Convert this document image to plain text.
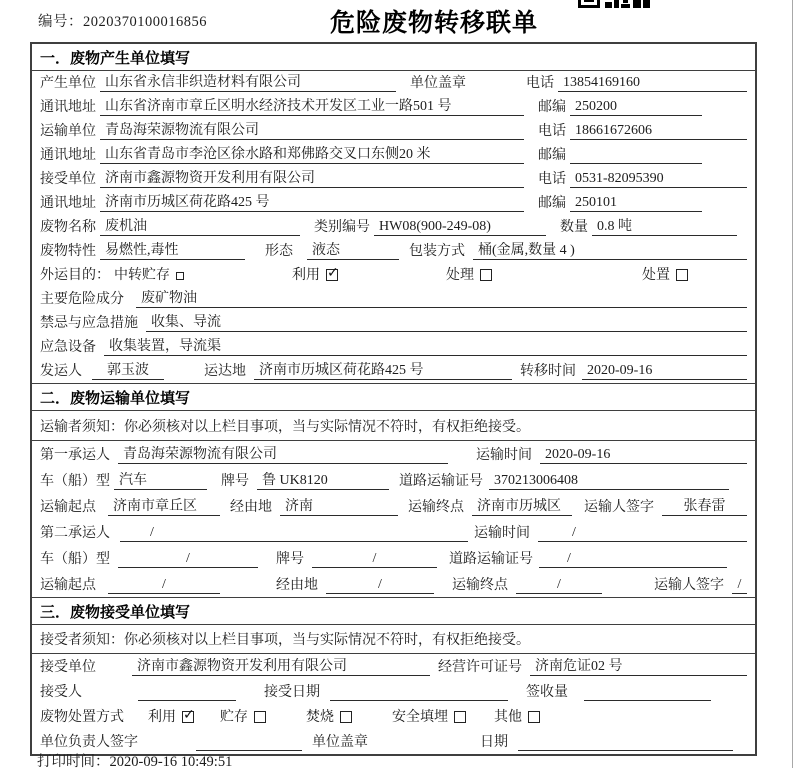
编号：2020370100016856	危险废物转移联单
一．废物产生单位填写
产生单位 山东省永信非织造材料有限公司	单位盖章	电话 13854169160
通讯地址 山东省济南市章丘区明水经济技术开发区工业一路501 号	邮编 250200
运输单位 青岛海荣源物流有限公司	电话 18661672606
通讯地址 山东省青岛市李沧区徐水路和郑佛路交叉口东侧20 米	邮编
接受单位 济南市鑫源物资开发利用有限公司	电话 0531-82095390
通讯地址 济南市历城区荷花路425 号	邮编 250101
废物名称 废机油	类别编号 HW08(900-249-08)	数量 0.8 吨
废物特性 易燃性,毒性	形态	液态	包装方式 桶(金属,数量 4 )
外运目的： 中转贮存	利用 ✓	处理	处置
主要危险成分	废矿物油
禁忌与应急措施 收集、导流
应急设备 收集装置，导流渠
发运人	郭玉波	运达地 济南市历城区荷花路425 号	转移时间 2020-09-16
二．废物运输单位填写
运输者须知：你必须核对以上栏目事项，当与实际情况不符时，有权拒绝接受。
第一承运人 青岛海荣源物流有限公司	运输时间 2020-09-16
车（船）型 汽车	牌号 鲁 UK8120	道路运输证号 370213006408
运输起点	济南市章丘区	经由地 济南	运输终点 济南市历城区	运输人签字	张春雷
第二承运人	/	运输时间	/
车（船）型	/	牌号	/	道路运输证号	/
运输起点	/	经由地	/	运输终点	/	运输人签字 /
三．废物接受单位填写
接受者须知：你必须核对以上栏目事项，当与实际情况不符时，有权拒绝接受。
接受单位	济南市鑫源物资开发利用有限公司	经营许可证号 济南危证02 号
接受人	接受日期	签收量
废物处置方式 利用 ✓	贮存	焚烧	安全填埋	其他
单位负责人签字	单位盖章	日期
打印时间：2020-09-16 10:49:51
